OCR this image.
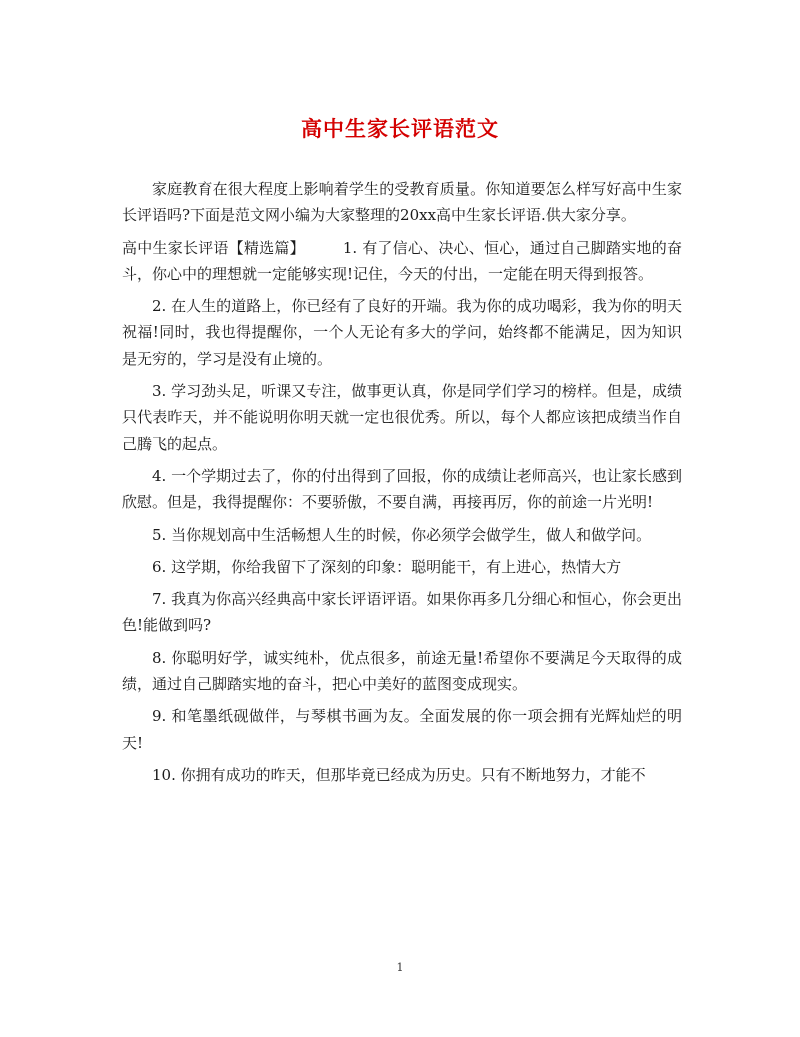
高中生家长评语范文

家庭教育在很大程度上影响着学生的受教育质量。你知道要怎么样写好高中生家长评语吗?下面是范文网小编为大家整理的20xx高中生家长评语.供大家分享。

高中生家长评语【精选篇】	1. 有了信心、决心、恒心，通过自己脚踏实地的奋斗，你心中的理想就一定能够实现!记住，今天的付出，一定能在明天得到报答。

2. 在人生的道路上，你已经有了良好的开端。我为你的成功喝彩，我为你的明天祝福!同时，我也得提醒你，一个人无论有多大的学问，始终都不能满足，因为知识是无穷的，学习是没有止境的。

3. 学习劲头足，听课又专注，做事更认真，你是同学们学习的榜样。但是，成绩只代表昨天，并不能说明你明天就一定也很优秀。所以，每个人都应该把成绩当作自己腾飞的起点。

4. 一个学期过去了，你的付出得到了回报，你的成绩让老师高兴，也让家长感到欣慰。但是，我得提醒你：不要骄傲，不要自满，再接再厉，你的前途一片光明!

5. 当你规划高中生活畅想人生的时候，你必须学会做学生，做人和做学问。

6. 这学期，你给我留下了深刻的印象：聪明能干，有上进心，热情大方

7. 我真为你高兴经典高中家长评语评语。如果你再多几分细心和恒心，你会更出色!能做到吗?

8. 你聪明好学，诚实纯朴，优点很多，前途无量!希望你不要满足今天取得的成绩，通过自己脚踏实地的奋斗，把心中美好的蓝图变成现实。

9. 和笔墨纸砚做伴，与琴棋书画为友。全面发展的你一项会拥有光辉灿烂的明天!

10. 你拥有成功的昨天，但那毕竟已经成为历史。只有不断地努力，才能不

1
